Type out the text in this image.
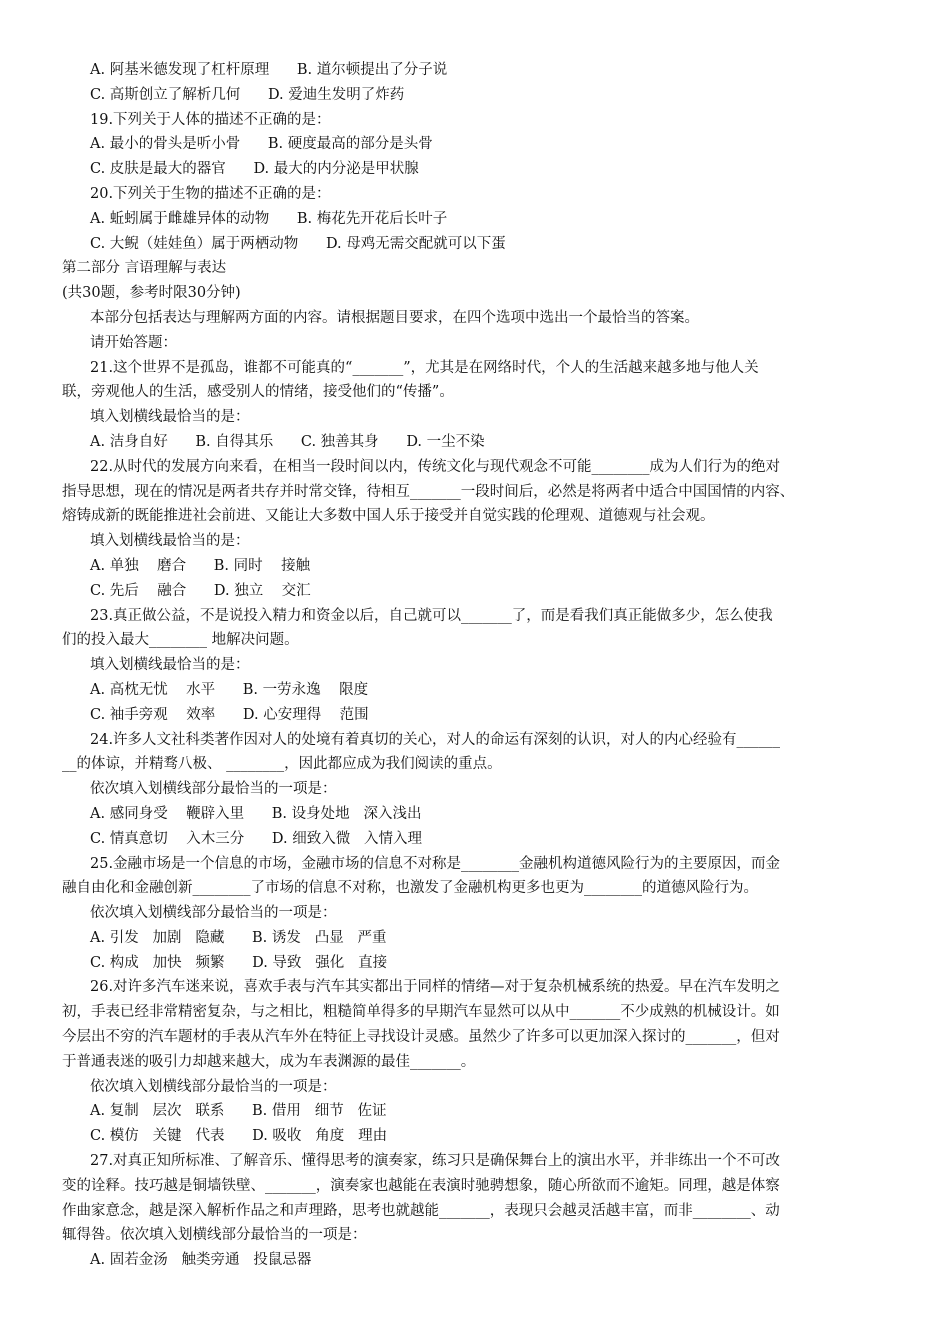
A. 阿基米德发现了杠杆原理      B. 道尔顿提出了分子说
C. 高斯创立了解析几何      D. 爱迪生发明了炸药
19.下列关于人体的描述不正确的是：
A. 最小的骨头是听小骨      B. 硬度最高的部分是头骨
C. 皮肤是最大的器官      D. 最大的内分泌是甲状腺
20.下列关于生物的描述不正确的是：
A. 蚯蚓属于雌雄异体的动物      B. 梅花先开花后长叶子
C. 大鲵（娃娃鱼）属于两栖动物      D. 母鸡无需交配就可以下蛋
第二部分 言语理解与表达
(共30题，参考时限30分钟)
本部分包括表达与理解两方面的内容。请根据题目要求，在四个选项中选出一个最恰当的答案。
请开始答题：
21.这个世界不是孤岛，谁都不可能真的“_______”，尤其是在网络时代，个人的生活越来越多地与他人关
联，旁观他人的生活，感受别人的情绪，接受他们的“传播”。
填入划横线最恰当的是：
A. 洁身自好      B. 自得其乐      C. 独善其身      D. 一尘不染
22.从时代的发展方向来看，在相当一段时间以内，传统文化与现代观念不可能________成为人们行为的绝对
指导思想，现在的情况是两者共存并时常交锋，待相互_______一段时间后，必然是将两者中适合中国国情的内容、
熔铸成新的既能推进社会前进、又能让大多数中国人乐于接受并自觉实践的伦理观、道德观与社会观。
填入划横线最恰当的是：
A. 单独    磨合      B. 同时    接触
C. 先后    融合      D. 独立    交汇
23.真正做公益，不是说投入精力和资金以后，自己就可以_______了，而是看我们真正能做多少，怎么使我
们的投入最大________ 地解决问题。
填入划横线最恰当的是：
A. 高枕无忧    水平      B. 一劳永逸    限度
C. 袖手旁观    效率      D. 心安理得    范围
24.许多人文社科类著作因对人的处境有着真切的关心，对人的命运有深刻的认识，对人的内心经验有______
__的体谅，并精骛八极、 ________，因此都应成为我们阅读的重点。
依次填入划横线部分最恰当的一项是：
A. 感同身受    鞭辟入里      B. 设身处地   深入浅出
C. 情真意切    入木三分      D. 细致入微   入情入理
25.金融市场是一个信息的市场，金融市场的信息不对称是________金融机构道德风险行为的主要原因，而金
融自由化和金融创新________了市场的信息不对称，也激发了金融机构更多也更为________的道德风险行为。
依次填入划横线部分最恰当的一项是：
A. 引发   加剧   隐藏      B. 诱发   凸显   严重
C. 构成   加快   频繁      D. 导致   强化   直接
26.对许多汽车迷来说，喜欢手表与汽车其实都出于同样的情绪—对于复杂机械系统的热爱。早在汽车发明之
初，手表已经非常精密复杂，与之相比，粗糙简单得多的早期汽车显然可以从中_______不少成熟的机械设计。如
今层出不穷的汽车题材的手表从汽车外在特征上寻找设计灵感。虽然少了许多可以更加深入探讨的_______，但对
于普通表迷的吸引力却越来越大，成为车表渊源的最佳_______。
依次填入划横线部分最恰当的一项是：
A. 复制   层次   联系      B. 借用   细节   佐证
C. 模仿   关键   代表      D. 吸收   角度   理由
27.对真正知所标准、了解音乐、懂得思考的演奏家，练习只是确保舞台上的演出水平，并非练出一个不可改
变的诠释。技巧越是铜墙铁壁、_______，演奏家也越能在表演时驰骋想象，随心所欲而不逾矩。同理，越是体察
作曲家意念，越是深入解析作品之和声理路，思考也就越能_______，表现只会越灵活越丰富，而非________、动
辄得咎。依次填入划横线部分最恰当的一项是：
A. 固若金汤   触类旁通   投鼠忌器
